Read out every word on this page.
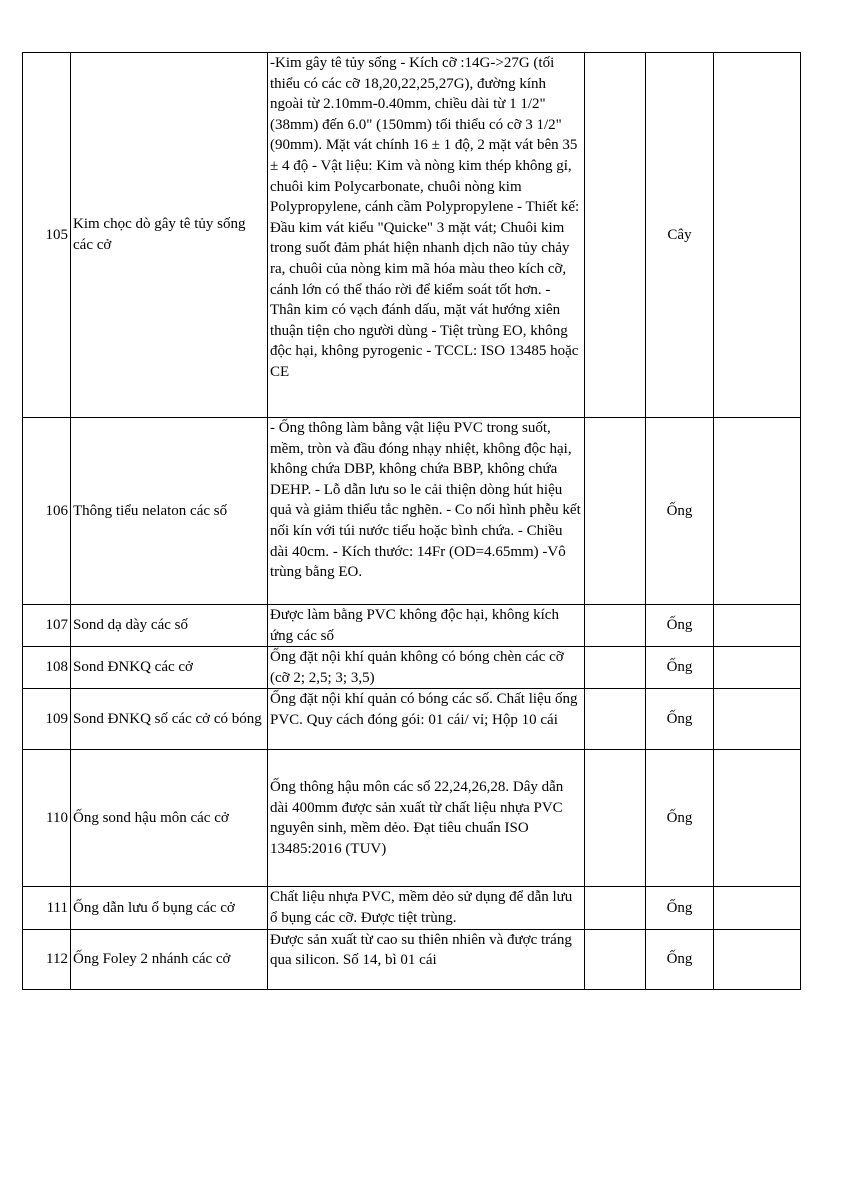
105	Kim chọc dò gây tê tủy sống các cở	-Kim gây tê tủy sống - Kích cỡ :14G->27G (tối thiểu có các cỡ 18,20,22,25,27G), đường kính ngoài từ 2.10mm-0.40mm, chiều dài từ 1 1/2" (38mm) đến 6.0" (150mm) tối thiểu có cỡ 3 1/2" (90mm). Mặt vát chính 16 ± 1 độ, 2 mặt vát bên 35 ± 4 độ - Vật liệu: Kim và nòng kim thép không gỉ, chuôi kim Polycarbonate, chuôi nòng kim Polypropylene, cánh cầm Polypropylene - Thiết kế: Đầu kim vát kiểu "Quicke" 3 mặt vát; Chuôi kim trong suốt đảm phát hiện nhanh dịch não tủy chảy ra, chuôi của nòng kim mã hóa màu theo kích cỡ, cánh lớn có thể tháo rời để kiểm soát tốt hơn. - Thân kim có vạch đánh dấu, mặt vát hướng xiên thuận tiện cho người dùng - Tiệt trùng EO, không độc hại, không pyrogenic - TCCL: ISO 13485 hoặc CE		Cây	
106	Thông tiểu nelaton các số	- Ống thông làm bằng vật liệu PVC trong suốt, mềm, tròn và đầu đóng nhạy nhiệt, không độc hại, không chứa DBP, không chứa BBP, không chứa DEHP. - Lỗ dẫn lưu so le cải thiện dòng hút hiệu quả và giảm thiểu tắc nghẽn. - Co nối hình phễu kết nối kín với túi nước tiểu hoặc bình chứa. - Chiều dài 40cm. - Kích thước: 14Fr (OD=4.65mm) -Vô trùng bằng EO.		Ống	
107	Sond dạ dày các số	Được làm bằng PVC không độc hại, không kích ứng các số		Ống	
108	Sond ĐNKQ các cở	Ống đặt nội khí quản không có bóng chèn các cỡ (cỡ 2; 2,5; 3; 3,5)		Ống	
109	Sond ĐNKQ số các cở có bóng	Ống đặt nội khí quản có bóng các số. Chất liệu ống PVC. Quy cách đóng gói: 01 cái/ vỉ; Hộp 10 cái		Ống	
110	Ống sond hậu môn các cở	Ống thông hậu môn các số 22,24,26,28. Dây dẫn dài 400mm được sản xuất từ chất liệu nhựa PVC nguyên sinh, mềm dẻo. Đạt tiêu chuẩn ISO 13485:2016 (TUV)		Ống	
111	Ống dẫn lưu ổ bụng các cở	Chất liệu nhựa PVC, mềm dẻo sử dụng để dẫn lưu ổ bụng các cỡ. Được tiệt trùng.		Ống	
112	Ống Foley 2 nhánh các cở	Được sản xuất từ cao su thiên nhiên và được tráng qua silicon. Số 14, bì 01 cái		Ống	
